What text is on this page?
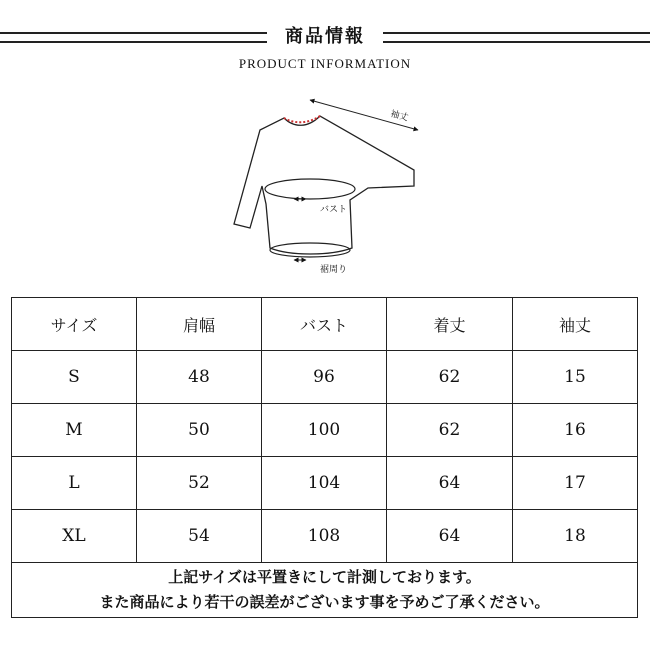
商品情報
PRODUCT INFORMATION
袖丈
バスト
裾周り
サイズ	肩幅	バスト	着丈	袖丈
S	48	96	62	15
M	50	100	62	16
L	52	104	64	17
XL	54	108	64	18

上記サイズは平置きにして計測しております。
また商品により若干の誤差がございます事を予めご了承ください。				
